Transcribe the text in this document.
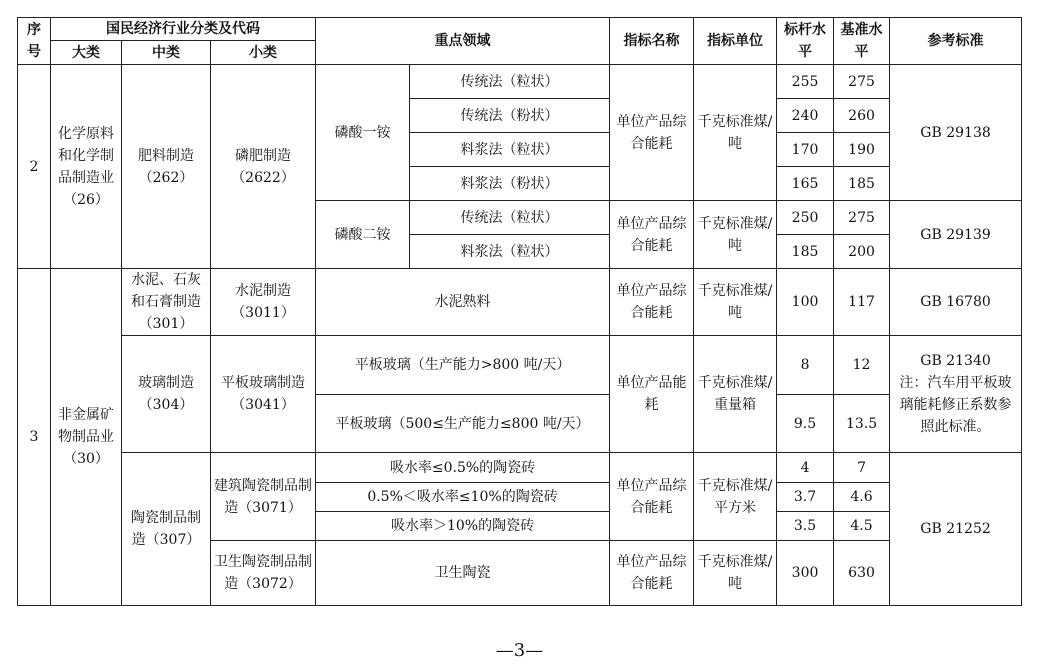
序号	国民经济行业分类及代码			重点领域		指标名称	指标单位	标杆水平	基准水平	参考标准
	大类	中类	小类							
2	化学原料和化学制品制造业（26）	肥料制造（262）	磷肥制造（2622）	磷酸一铵	传统法（粒状）	单位产品综合能耗	千克标准煤/吨	255	275	GB 29138
					传统法（粉状）			240	260	
					料浆法（粒状）			170	190	
					料浆法（粉状）			165	185	
				磷酸二铵	传统法（粒状）	单位产品综合能耗	千克标准煤/吨	250	275	GB 29139
					料浆法（粒状）			185	200	
3	非金属矿物制品业（30）	水泥、石灰和石膏制造（301）	水泥制造（3011）	水泥熟料		单位产品综合能耗	千克标准煤/吨	100	117	GB 16780
		玻璃制造（304）	平板玻璃制造（3041）	平板玻璃（生产能力>800 吨/天）		单位产品能耗	千克标准煤/重量箱	8	12	GB 21340
注：汽车用平板玻璃能耗修正系数参照此标准。

				平板玻璃（500≤生产能力≤800 吨/天）				9.5	13.5	
		陶瓷制品制造（307）	建筑陶瓷制品制造（3071）	吸水率≤0.5%的陶瓷砖		单位产品综合能耗	千克标准煤/平方米	4	7	GB 21252
				0.5%＜吸水率≤10%的陶瓷砖				3.7	4.6	
				吸水率＞10%的陶瓷砖				3.5	4.5	
			卫生陶瓷制品制造（3072）	卫生陶瓷		单位产品综合能耗	千克标准煤/吨	300	630	
—3—
